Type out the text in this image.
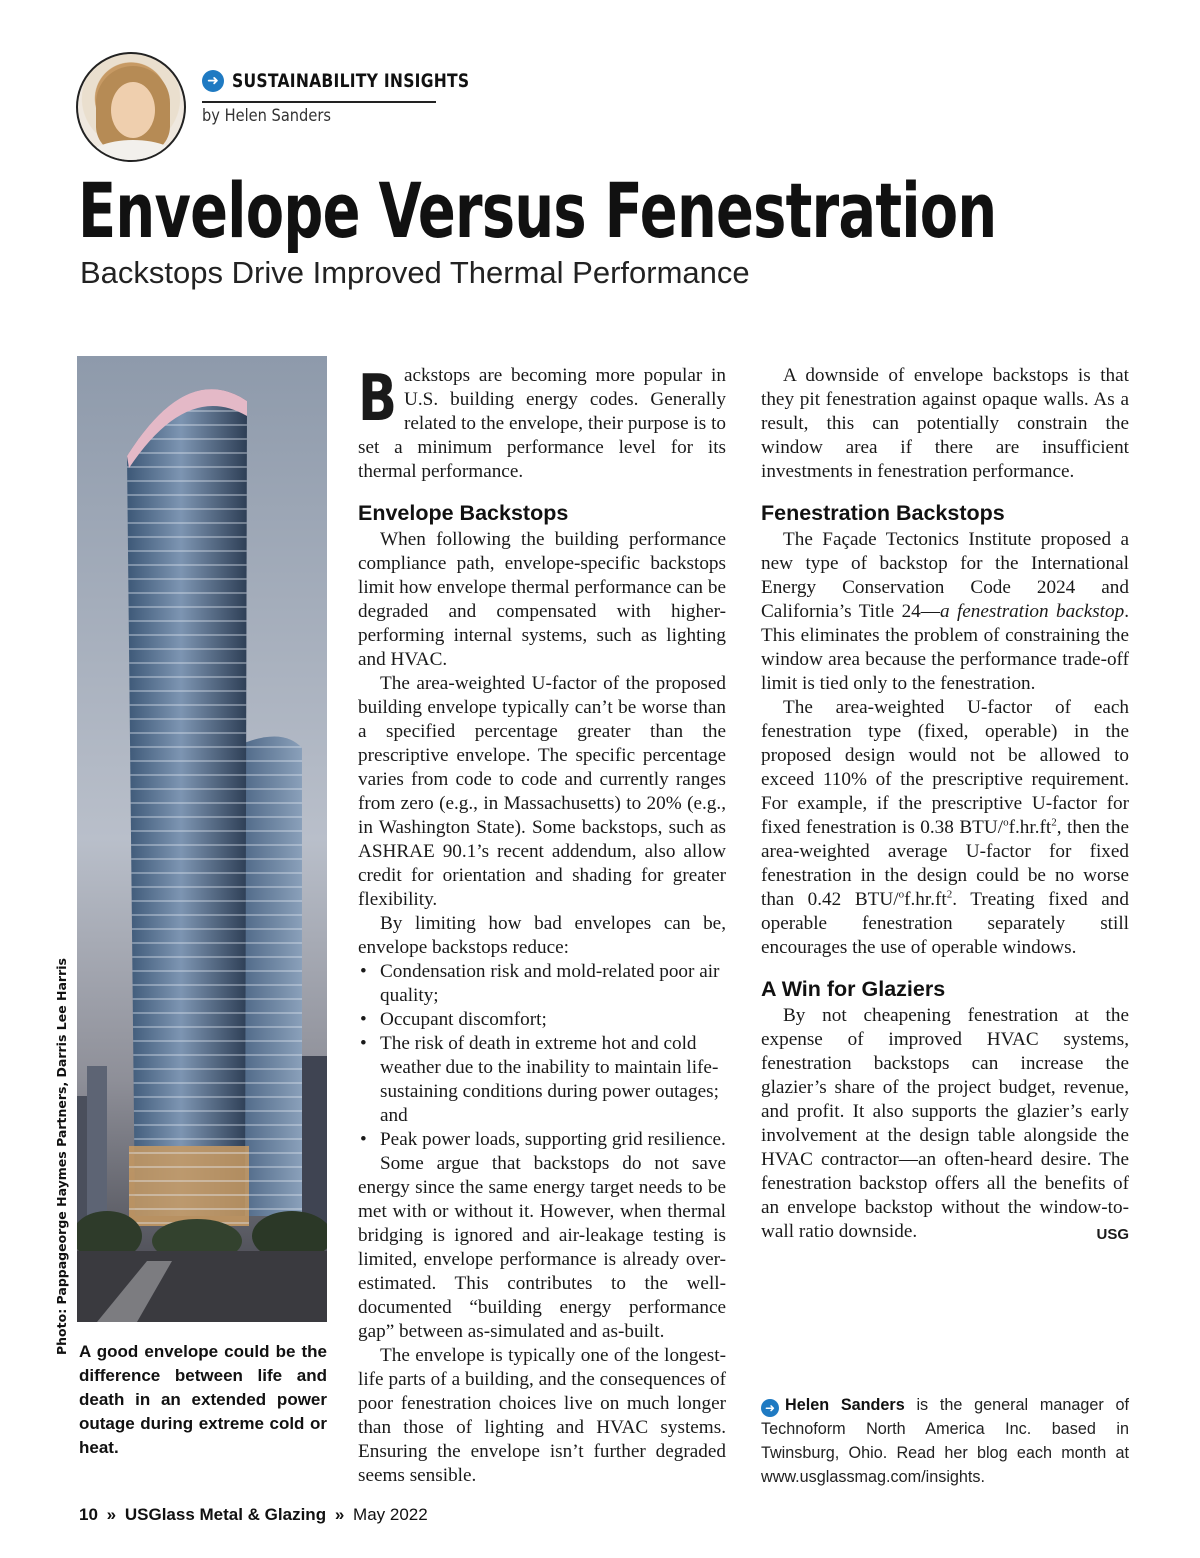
➜ SUSTAINABILITY INSIGHTS
by Helen Sanders
Envelope Versus Fenestration
Backstops Drive Improved Thermal Performance
Photo: Pappageorge Haymes Partners, Darris Lee Harris A good envelope could be the difference between life and death in an extended power outage during extreme cold or heat.

Backstops are becoming more popular in U.S. building energy codes. Generally related to the envelope, their purpose is to set a minimum performance level for its thermal performance.

Envelope Backstops

When following the building performance compliance path, envelope-specific backstops limit how envelope thermal performance can be degraded and compensated with higher-performing internal systems, such as lighting and HVAC.

The area-weighted U-factor of the proposed building envelope typically can’t be worse than a specified percentage greater than the prescriptive envelope. The specific percentage varies from code to code and currently ranges from zero (e.g., in Massachusetts) to 20% (e.g., in Washington State). Some backstops, such as ASHRAE 90.1’s recent addendum, also allow credit for orientation and shading for greater flexibility.

By limiting how bad envelopes can be, envelope backstops reduce:

• Condensation risk and mold-related poor air quality;
• Occupant discomfort;
• The risk of death in extreme hot and cold weather due to the inability to maintain life-sustaining conditions during power outages; and
• Peak power loads, supporting grid resilience.

Some argue that backstops do not save energy since the same energy target needs to be met with or without it. However, when thermal bridging is ignored and air-leakage testing is limited, envelope performance is already over-estimated. This contributes to the well-documented “building energy performance gap” between as-simulated and as-built.

The envelope is typically one of the longest-life parts of a building, and the consequences of poor fenestration choices live on much longer than those of lighting and HVAC systems. Ensuring the envelope isn’t further degraded seems sensible.

A downside of envelope backstops is that they pit fenestration against opaque walls. As a result, this can potentially constrain the window area if there are insufficient investments in fenestration performance.

Fenestration Backstops

The Façade Tectonics Institute proposed a new type of backstop for the International Energy Conservation Code 2024 and California’s Title 24—a fenestration backstop. This eliminates the problem of constraining the window area because the performance trade-off limit is tied only to the fenestration.

The area-weighted U-factor of each fenestration type (fixed, operable) in the proposed design would not be allowed to exceed 110% of the prescriptive requirement. For example, if the prescriptive U-factor for fixed fenestration is 0.38 BTU/$^of.hr.ft^2$, then the area-weighted average U-factor for fixed fenestration in the design could be no worse than 0.42 BTU/$^of.hr.ft^2$. Treating fixed and operable fenestration separately still encourages the use of operable windows.

A Win for Glaziers

By not cheapening fenestration at the expense of improved HVAC systems, fenestration backstops can increase the glazier’s share of the project budget, revenue, and profit. It also supports the glazier’s early involvement at the design table alongside the HVAC contractor—an often-heard desire. The fenestration backstop offers all the benefits of an envelope backstop without the window-to-wall ratio downside.	USG

➜ Helen Sanders is the general manager of Technoform North America Inc. based in Twinsburg, Ohio. Read her blog each month at www.usglassmag.com/insights.
10 » USGlass Metal & Glazing » May 2022
